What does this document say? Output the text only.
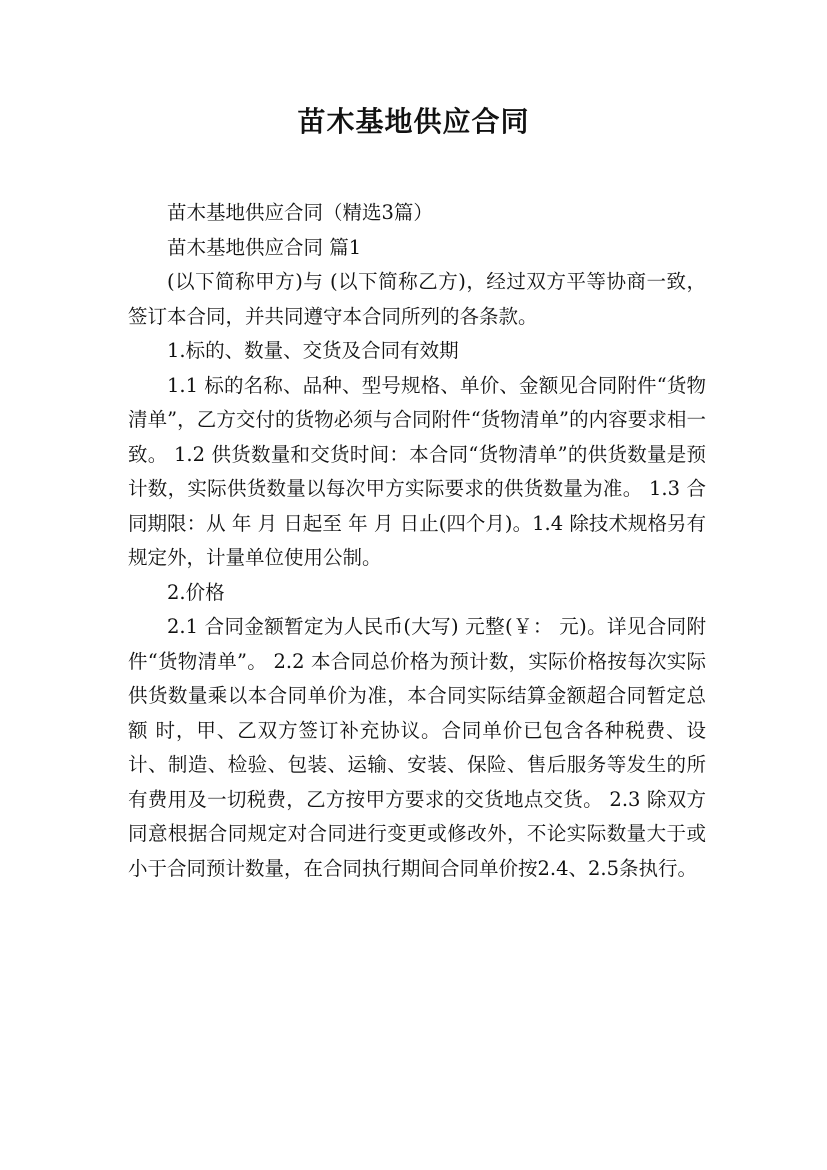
苗木基地供应合同

苗木基地供应合同（精选3篇）

苗木基地供应合同 篇1

(以下简称甲方)与 (以下简称乙方)，经过双方平等协商一致，签订本合同，并共同遵守本合同所列的各条款。

1.标的、数量、交货及合同有效期

1.1 标的名称、品种、型号规格、单价、金额见合同附件“货物清单”，乙方交付的货物必须与合同附件“货物清单”的内容要求相一致。 1.2 供货数量和交货时间：本合同“货物清单”的供货数量是预计数，实际供货数量以每次甲方实际要求的供货数量为准。 1.3 合同期限：从 年 月 日起至 年 月 日止(四个月)。1.4 除技术规格另有规定外，计量单位使用公制。

2.价格

2.1 合同金额暂定为人民币(大写) 元整(￥： 元)。详见合同附件“货物清单”。 2.2 本合同总价格为预计数，实际价格按每次实际供货数量乘以本合同单价为准，本合同实际结算金额超合同暂定总额 时，甲、乙双方签订补充协议。合同单价已包含各种税费、设计、制造、检验、包装、运输、安装、保险、售后服务等发生的所有费用及一切税费，乙方按甲方要求的交货地点交货。 2.3 除双方同意根据合同规定对合同进行变更或修改外，不论实际数量大于或小于合同预计数量，在合同执行期间合同单价按2.4、2.5条执行。
